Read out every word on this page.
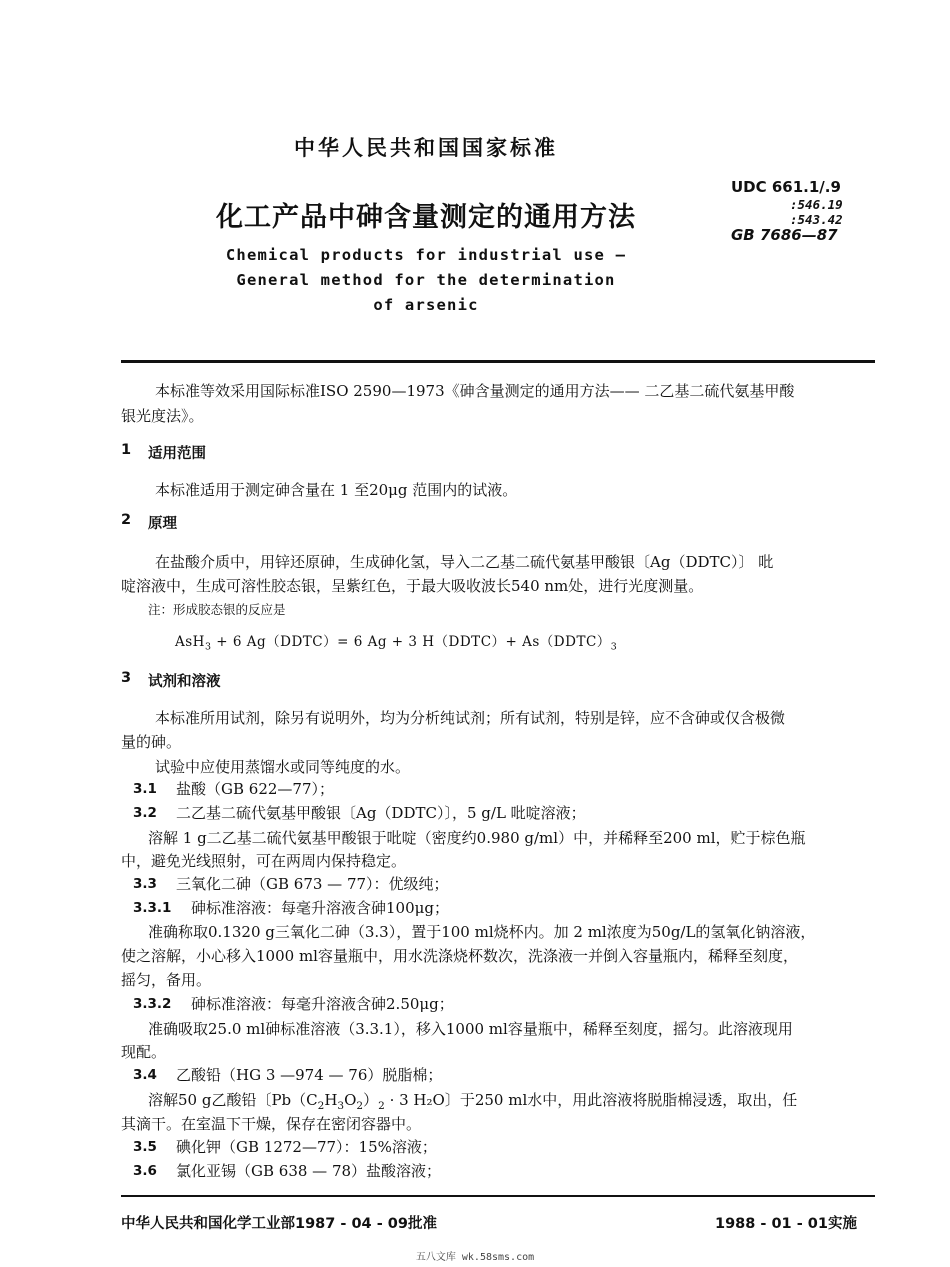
中华人民共和国国家标准
化工产品中砷含量测定的通用方法
Chemical products for industrial use —
General method for the determination
of arsenic
UDC 661.1/.9
:546.19
:543.42
GB 7686—87
本标准等效采用国际标准ISO 2590—1973《砷含量测定的通用方法—— 二乙基二硫代氨基甲酸
银光度法》。
1 适用范围
本标准适用于测定砷含量在 1 至20μg 范围内的试液。
2 原理
在盐酸介质中，用锌还原砷，生成砷化氢，导入二乙基二硫代氨基甲酸银〔Ag（DDTC）〕 吡
啶溶液中，生成可溶性胶态银，呈紫红色，于最大吸收波长540 nm处，进行光度测量。
注：形成胶态银的反应是
AsH$_3$ + 6 Ag（DDTC）= 6 Ag + 3 H（DDTC）+ $As(DDTC)_3$
3 试剂和溶液
本标准所用试剂，除另有说明外，均为分析纯试剂；所有试剂，特别是锌，应不含砷或仅含极微
量的砷。
试验中应使用蒸馏水或同等纯度的水。
3.1 盐酸（GB 622—77）；
3.2 二乙基二硫代氨基甲酸银〔Ag（DDTC）〕，5 g/L 吡啶溶液；
溶解 1 g二乙基二硫代氨基甲酸银于吡啶（密度约0.980 g/ml）中，并稀释至200 ml，贮于棕色瓶
中，避免光线照射，可在两周内保持稳定。
3.3 三氧化二砷（GB 673 — 77）：优级纯；
3.3.1 砷标准溶液：每毫升溶液含砷100μg；
准确称取0.1320 g三氧化二砷（3.3），置于100 ml烧杯内。加 2 ml浓度为50g/L的氢氧化钠溶液，
使之溶解，小心移入1000 ml容量瓶中，用水洗涤烧杯数次，洗涤液一并倒入容量瓶内，稀释至刻度，
摇匀，备用。
3.3.2 砷标准溶液：每毫升溶液含砷2.50μg；
准确吸取25.0 ml砷标准溶液（3.3.1），移入1000 ml容量瓶中，稀释至刻度，摇匀。此溶液现用
现配。
3.4 乙酸铅（HG 3 —974 — 76）脱脂棉；
溶解50 g乙酸铅〔$Pb(C_2H_3O_2)_2 \cdot 3$ H₂O〕于250 ml水中，用此溶液将脱脂棉浸透，取出，任
其滴干。在室温下干燥，保存在密闭容器中。
3.5 碘化钾（GB 1272—77）：15%溶液；
3.6 氯化亚锡（GB 638 — 78）盐酸溶液；
中华人民共和国化学工业部1987 - 04 - 09批准	1988 - 01 - 01实施
五八文库 wk.58sms.com
